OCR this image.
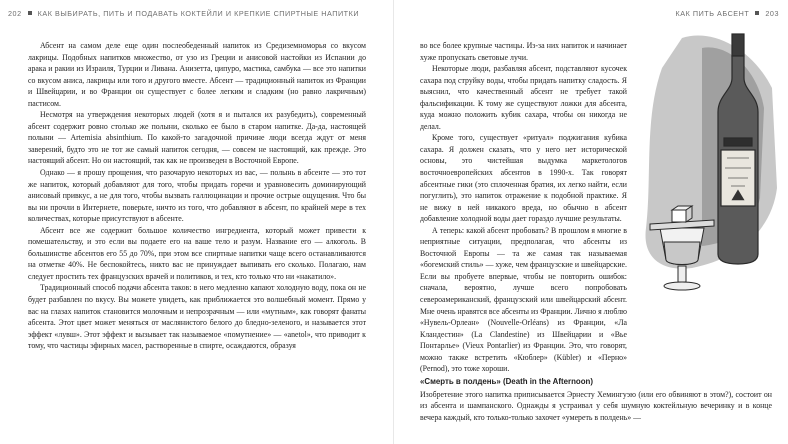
202 КАК ВЫБИРАТЬ, ПИТЬ И ПОДАВАТЬ КОКТЕЙЛИ И КРЕПКИЕ СПИРТНЫЕ НАПИТКИ

Абсент на самом деле еще один послеобеденный напиток из Средиземноморья со вкусом лакрицы. Подобных напитков множество, от узо из Греции и анисовой настойки из Испании до арака и ракии из Израиля, Турции и Ливана. Анизетта, ципуро, мастика, самбука — все это напитки со вкусом аниса, лакрицы или того и другого вместе. Абсент — традиционный напиток из Франции и Швейцарии, и во Франции он существует с более легким и сладким (но равно лакричным) пастисом.

Несмотря на утверждения некоторых людей (хотя я и пытался их разубедить), современный абсент содержит ровно столько же полыни, сколько ее было в старом напитке. Да-да, настоящей полыни — Artemisia absinthium. По какой-то загадочной причине люди всегда ждут от меня заверений, будто это не тот же самый напиток сегодня, — совсем не настоящий, как прежде. Это настоящий абсент. Но он настоящий, так как не произведен в Восточной Европе.

Однако — я прошу прощения, что разочарую некоторых из вас, — полынь в абсенте — это тот же напиток, который добавляют для того, чтобы придать горечи и уравновесить доминирующий анисовый привкус, а не для того, чтобы вызвать галлюцинации и прочие острые ощущения. Что бы вы ни прочли в Интернете, поверьте, ничто из того, что добавляют в абсент, по крайней мере в тех количествах, которые присутствуют в абсенте.

Абсент все же содержит большое количество ингредиента, который может привести к помешательству, и это если вы подаете его на ваше тело и разум. Название его — алкоголь. В большинстве абсентов его 55 до 70%, при этом все спиртные напитки чаще всего останавливаются на отметке 40%. Не беспокойтесь, никто вас не принуждает выпивать его сколько. Полагаю, нам следует простить тех французских врачей и политиков, и тех, кто только что ни «накатило».

Традиционный способ подачи абсента таков: в него медленно капают холодную воду, пока он не будет разбавлен по вкусу. Вы можете увидеть, как приближается это волшебный момент. Прямо у вас на глазах напиток становится молочным и непрозрачным — или «мутным», как говорят фанаты абсента. Этот цвет может меняться от маслянистого белого до бледно-зеленого, и называется этот эффект «лувш». Этот эффект и вызывает так называемое «помутнение» — «anetol», что приводит к тому, что частицы эфирных масел, растворенные в спирте, осаждаются, образуя

КАК ПИТЬ АБСЕНТ 203

во все более крупные частицы. Из-за них напиток и начинает хуже пропускать световые лучи.

Некоторые люди, разбавляя абсент, подставляют кусочек сахара под струйку воды, чтобы придать напитку сладость. Я выяснил, что качественный абсент не требует такой фальсификации. К тому же существуют ложки для абсента, куда можно положить кубик сахара, чтобы он никогда не делал.

Кроме того, существует «ритуал» поджигания кубика сахара. Я должен сказать, что у него нет исторической основы, это чистейшая выдумка маркетологов восточноевропейских абсентов в 1990-х. Так говорят абсентные гики (это сплоченная братия, их легко найти, если погуглить), это напиток отражение к подобной практике. Я не вижу в ней никакого вреда, но обычно в абсент добавление холодной воды дает гораздо лучшие результаты.

А теперь: какой абсент пробовать? В прошлом я многие в неприятные ситуации, предполагая, что абсенты из Восточной Европы — та же самая так называемая «богемский стиль» — хуже, чем французские и швейцарские. Если вы пробуете впервые, чтобы не повторить ошибок: сначала, вероятно, лучше всего попробовать североамериканский, французский или швейцарский абсент. Мне очень нравятся все абсенты из Франции. Лично я люблю «Нувель-Орлеан» (Nouvelle-Orléans) из Франции, «Ла Кландестин» (La Clandestine) из Швейцарии и «Вье Понтарлье» (Vieux Pontarlier) из Франции. Это, что говорят, можно также встретить «Кюблер» (Kübler) и «Перно» (Pernod), это тоже хороши.

«Смерть в полдень» (Death in the Afternoon)

Изобретение этого напитка приписывается Эрнесту Хемингуэю (или его обвиняют в этом?), состоит он из абсента и шампанского. Однажды я устраивал у себя шумную коктейльную вечеринку и в конце вечера каждый, кто только-только захочет «умереть в полдень» —
